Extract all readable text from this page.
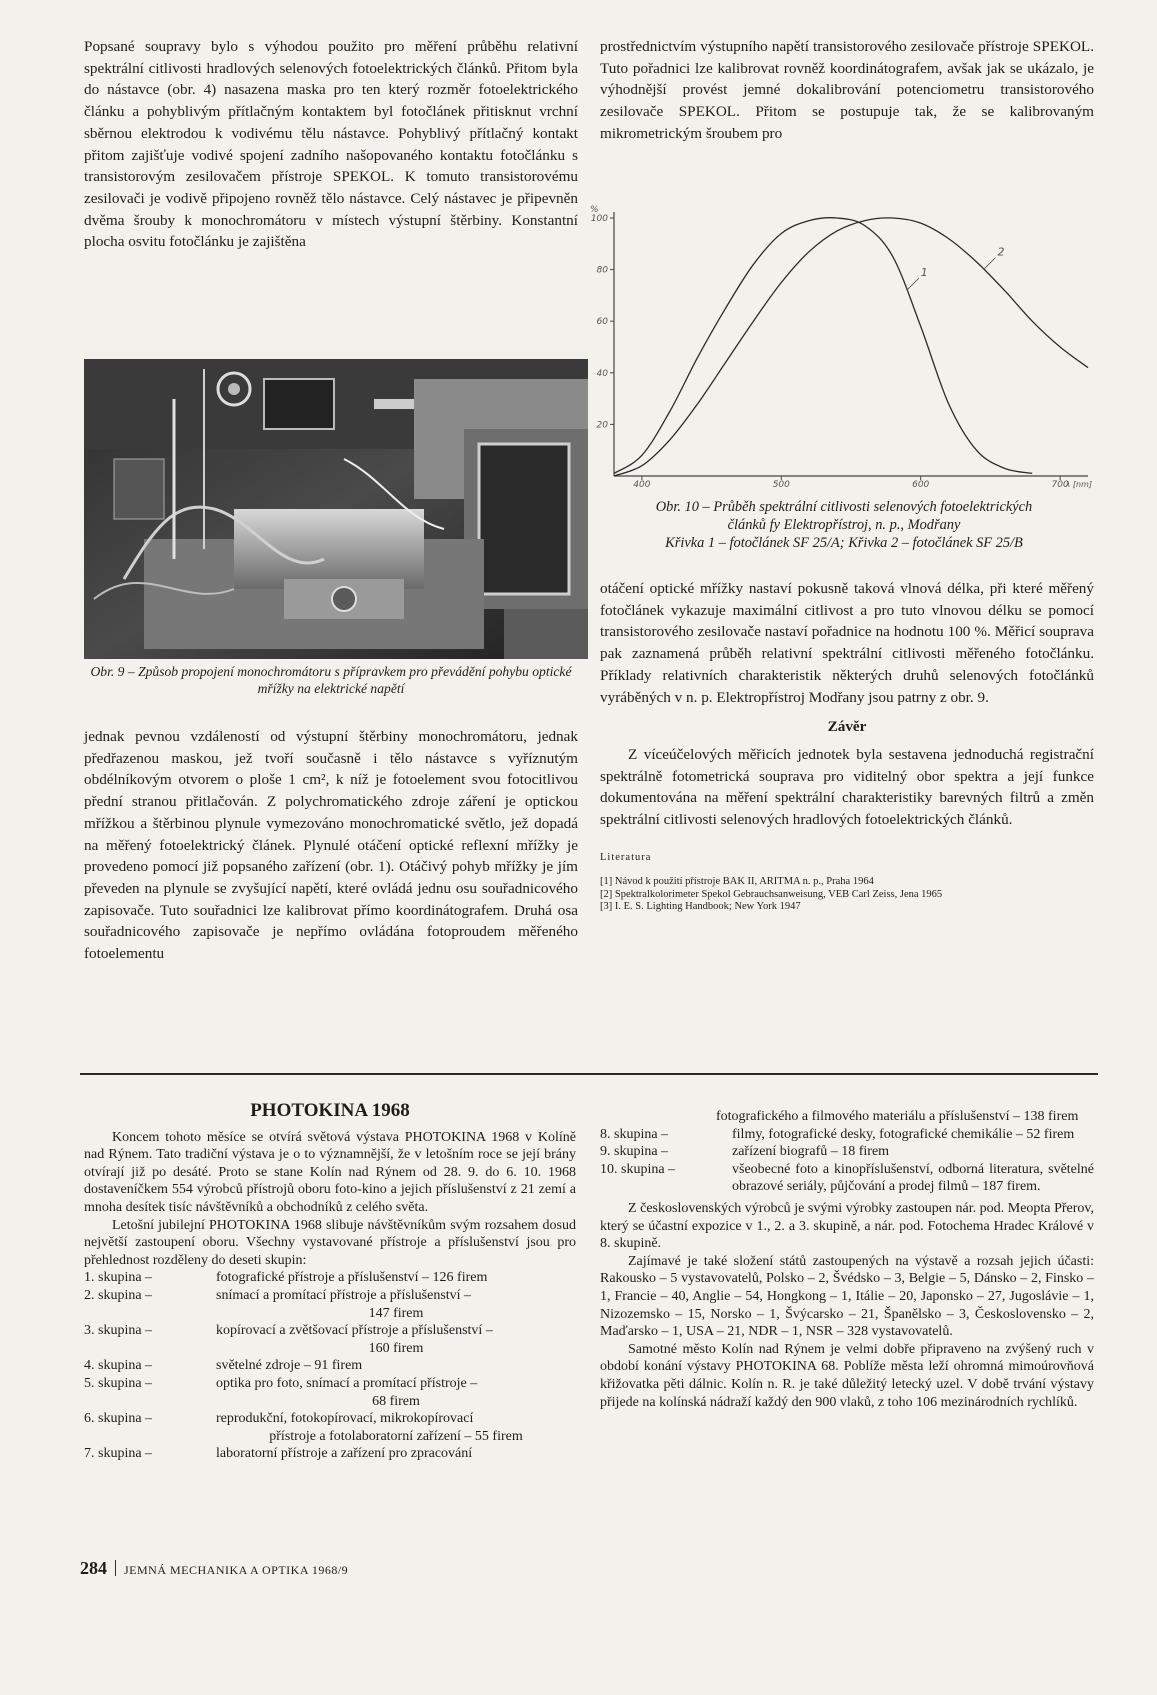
Popsané soupravy bylo s výhodou použito pro měření průběhu relativní spektrální citlivosti hradlových selenových fotoelektrických článků. Přitom byla do nástavce (obr. 4) nasazena maska pro ten který rozměr fotoelektrického článku a pohyblivým přítlačným kontaktem byl fotočlánek přitisknut vrchní sběrnou elektrodou k vodivému tělu nástavce. Pohyblivý přítlačný kontakt přitom zajišťuje vodivé spojení zadního našopovaného kontaktu fotočlánku s transistorovým zesilovačem přístroje SPEKOL. K tomuto transistorovému zesilovači je vodivě připojeno rovněž tělo nástavce. Celý nástavec je připevněn dvěma šrouby k monochromátoru v místech výstupní štěrbiny. Konstantní plocha osvitu fotočlánku je zajištěna

prostřednictvím výstupního napětí transistorového zesilovače přístroje SPEKOL. Tuto pořadnici lze kalibrovat rovněž koordinátografem, avšak jak se ukázalo, je výhodnější provést jemné dokalibrování potenciometru transistorového zesilovače SPEKOL. Přitom se postupuje tak, že se kalibrovaným mikrometrickým šroubem pro

Obr. 9 – Způsob propojení monochromátoru s přípravkem pro převádění pohybu optické mřížky na elektrické napětí
%
20
40
60
80
100
400	500	600	700
λ [nm]
1
2
Obr. 10 – Průběh spektrální citlivosti selenových fotoelektrických
článků fy Elektropřístroj, n. p., Modřany
Křivka 1 – fotočlánek SF 25/A; Křivka 2 – fotočlánek SF 25/B

jednak pevnou vzdáleností od výstupní štěrbiny monochromátoru, jednak předřazenou maskou, jež tvoří současně i tělo nástavce s vyříznutým obdélníkovým otvorem o ploše 1 cm², k níž je fotoelement svou fotocitlivou přední stranou přitlačován. Z polychromatického zdroje záření je optickou mřížkou a štěrbinou plynule vymezováno monochromatické světlo, jež dopadá na měřený fotoelektrický článek. Plynulé otáčení optické reflexní mřížky je provedeno pomocí již popsaného zařízení (obr. 1). Otáčivý pohyb mřížky je jím převeden na plynule se zvyšující napětí, které ovládá jednu osu souřadnicového zapisovače. Tuto souřadnici lze kalibrovat přímo koordinátografem. Druhá osa souřadnicového zapisovače je nepřímo ovládána fotoproudem měřeného fotoelementu

otáčení optické mřížky nastaví pokusně taková vlnová délka, při které měřený fotočlánek vykazuje maximální citlivost a pro tuto vlnovou délku se pomocí transistorového zesilovače nastaví pořadnice na hodnotu 100 %. Měřicí souprava pak zaznamená průběh relativní spektrální citlivosti měřeného fotočlánku. Příklady relativních charakteristik některých druhů selenových fotočlánků vyráběných v n. p. Elektropřístroj Modřany jsou patrny z obr. 9.

Závěr

Z víceúčelových měřicích jednotek byla sestavena jednoduchá registrační spektrálně fotometrická souprava pro viditelný obor spektra a její funkce dokumentována na měření spektrální charakteristiky barevných filtrů a změn spektrální citlivosti selenových hradlových fotoelektrických článků.

Literatura
[1] Návod k použití přístroje BAK II, ARITMA n. p., Praha 1964
[2] Spektralkolorimeter Spekol Gebrauchsanweisung, VEB Carl Zeiss, Jena 1965
[3] I. E. S. Lighting Handbook; New York 1947
PHOTOKINA 1968

Koncem tohoto měsíce se otvírá světová výstava PHOTOKINA 1968 v Kolíně nad Rýnem. Tato tradiční výstava je o to významnější, že v letošním roce se její brány otvírají již po desáté. Proto se stane Kolín nad Rýnem od 28. 9. do 6. 10. 1968 dostaveníčkem 554 výrobců přístrojů oboru foto-kino a jejich příslušenství z 21 zemí a mnoha desítek tisíc návštěvníků a obchodníků z celého světa.

Letošní jubilejní PHOTOKINA 1968 slibuje návštěvníkům svým rozsahem dosud největší zastoupení oboru. Všechny vystavované přístroje a příslušenství jsou pro přehlednost rozděleny do deseti skupin:

1. skupina –	fotografické přístroje a příslušenství – 126 firem
2. skupina –	snímací a promítací přístroje a příslušenství –
147 firem
3. skupina –	kopírovací a zvětšovací přístroje a příslušenství –
160 firem
4. skupina –	světelné zdroje – 91 firem
5. skupina –	optika pro foto, snímací a promítací přístroje –
68 firem
6. skupina –	reprodukční, fotokopírovací, mikrokopírovací
přístroje a fotolaboratorní zařízení – 55 firem
7. skupina –	laboratorní přístroje a zařízení pro zpracování
fotografického a filmového materiálu a příslušenství – 138 firem
8. skupina –	filmy, fotografické desky, fotografické chemikálie – 52 firem
9. skupina –	zařízení biografů – 18 firem
10. skupina –	všeobecné foto a kinopříslušenství, odborná literatura, světelné obrazové seriály, půjčování a prodej filmů – 187 firem.

Z československých výrobců je svými výrobky zastoupen nár. pod. Meopta Přerov, který se účastní expozice v 1., 2. a 3. skupině, a nár. pod. Fotochema Hradec Králové v 8. skupině.

Zajímavé je také složení států zastoupených na výstavě a rozsah jejich účasti: Rakousko – 5 vystavovatelů, Polsko – 2, Švédsko – 3, Belgie – 5, Dánsko – 2, Finsko – 1, Francie – 40, Anglie – 54, Hongkong – 1, Itálie – 20, Japonsko – 27, Jugoslávie – 1, Nizozemsko – 15, Norsko – 1, Švýcarsko – 21, Španělsko – 3, Československo – 2, Maďarsko – 1, USA – 21, NDR – 1, NSR – 328 vystavovatelů.

Samotné město Kolín nad Rýnem je velmi dobře připraveno na zvýšený ruch v období konání výstavy PHOTOKINA 68. Poblíže města leží ohromná mimoúrovňová křižovatka pěti dálnic. Kolín n. R. je také důležitý letecký uzel. V době trvání výstavy přijede na kolínská nádraží každý den 900 vlaků, z toho 106 mezinárodních rychlíků.

284 JEMNÁ MECHANIKA A OPTIKA 1968/9
